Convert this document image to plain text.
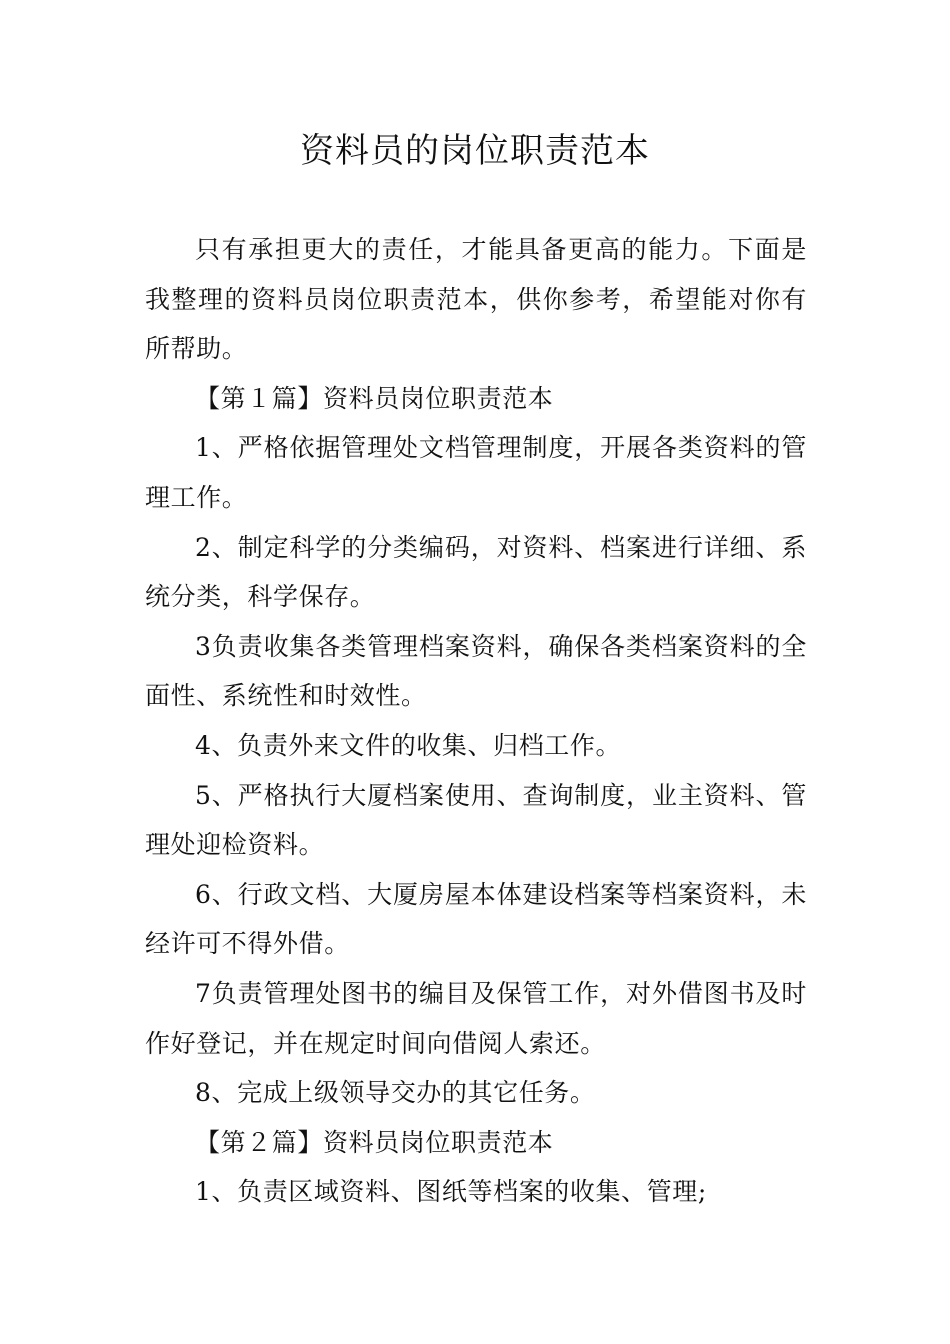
资料员的岗位职责范本

只有承担更大的责任，才能具备更高的能力。下面是我整理的资料员岗位职责范本，供你参考，希望能对你有所帮助。

【第１篇】资料员岗位职责范本

1、严格依据管理处文档管理制度，开展各类资料的管理工作。

2、制定科学的分类编码，对资料、档案进行详细、系统分类，科学保存。

3负责收集各类管理档案资料，确保各类档案资料的全面性、系统性和时效性。

4、负责外来文件的收集、归档工作。

5、严格执行大厦档案使用、查询制度，业主资料、管理处迎检资料。

6、行政文档、大厦房屋本体建设档案等档案资料，未经许可不得外借。

7负责管理处图书的编目及保管工作，对外借图书及时作好登记，并在规定时间向借阅人索还。

8、完成上级领导交办的其它任务。

【第２篇】资料员岗位职责范本

1、负责区域资料、图纸等档案的收集、管理;
